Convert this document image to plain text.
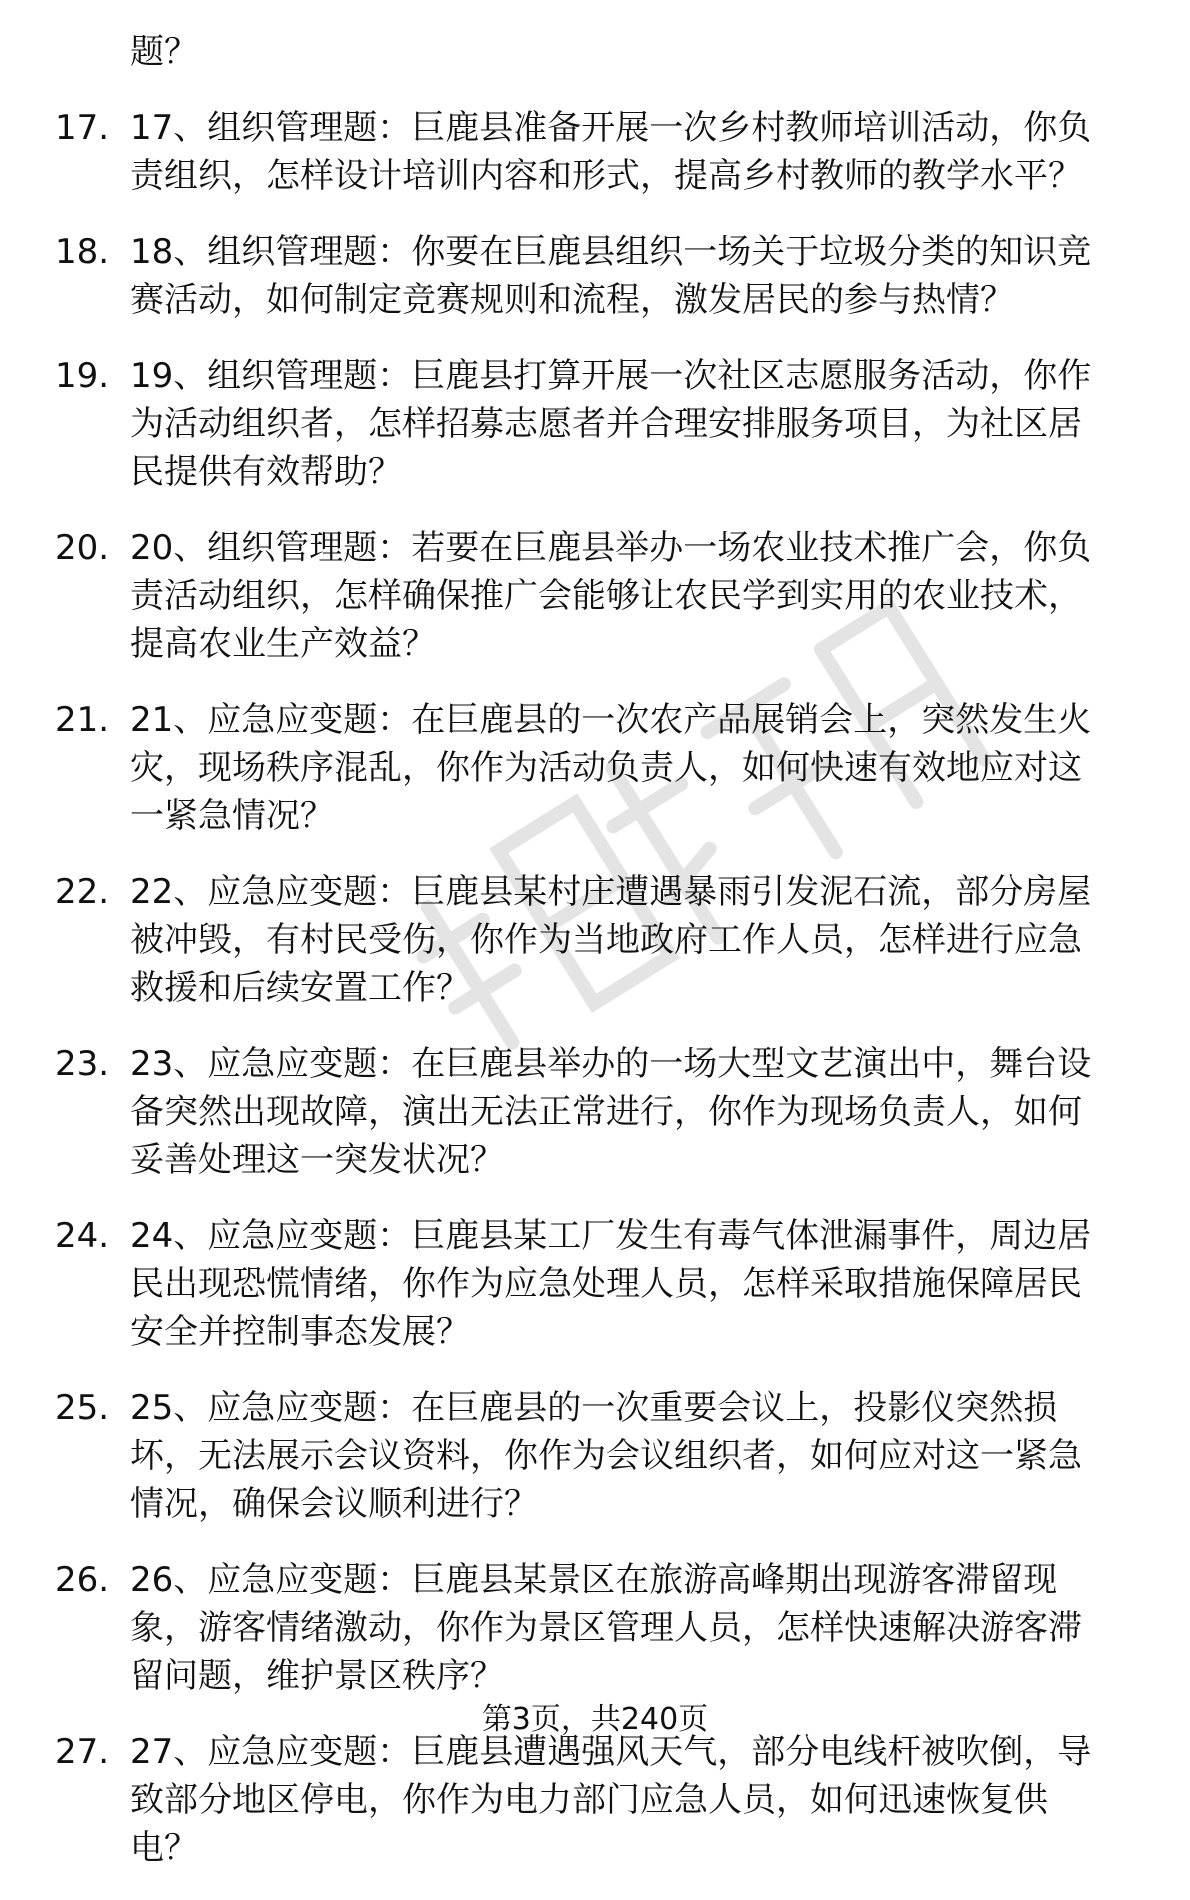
题？
17. 17、组织管理题：巨鹿县准备开展一次乡村教师培训活动，你负
责组织，怎样设计培训内容和形式，提高乡村教师的教学水平？
18. 18、组织管理题：你要在巨鹿县组织一场关于垃圾分类的知识竞
赛活动，如何制定竞赛规则和流程，激发居民的参与热情？
19. 19、组织管理题：巨鹿县打算开展一次社区志愿服务活动，你作
为活动组织者，怎样招募志愿者并合理安排服务项目，为社区居
民提供有效帮助？
20. 20、组织管理题：若要在巨鹿县举办一场农业技术推广会，你负
责活动组织，怎样确保推广会能够让农民学到实用的农业技术，
提高农业生产效益？
21. 21、应急应变题：在巨鹿县的一次农产品展销会上，突然发生火
灾，现场秩序混乱，你作为活动负责人，如何快速有效地应对这
一紧急情况？
22. 22、应急应变题：巨鹿县某村庄遭遇暴雨引发泥石流，部分房屋
被冲毁，有村民受伤，你作为当地政府工作人员，怎样进行应急
救援和后续安置工作？
23. 23、应急应变题：在巨鹿县举办的一场大型文艺演出中，舞台设
备突然出现故障，演出无法正常进行，你作为现场负责人，如何
妥善处理这一突发状况？
24. 24、应急应变题：巨鹿县某工厂发生有毒气体泄漏事件，周边居
民出现恐慌情绪，你作为应急处理人员，怎样采取措施保障居民
安全并控制事态发展？
25. 25、应急应变题：在巨鹿县的一次重要会议上，投影仪突然损
坏，无法展示会议资料，你作为会议组织者，如何应对这一紧急
情况，确保会议顺利进行？
26. 26、应急应变题：巨鹿县某景区在旅游高峰期出现游客滞留现
象，游客情绪激动，你作为景区管理人员，怎样快速解决游客滞
留问题，维护景区秩序？
27. 27、应急应变题：巨鹿县遭遇强风天气，部分电线杆被吹倒，导
致部分地区停电，你作为电力部门应急人员，如何迅速恢复供
电？
第3页，共240页
